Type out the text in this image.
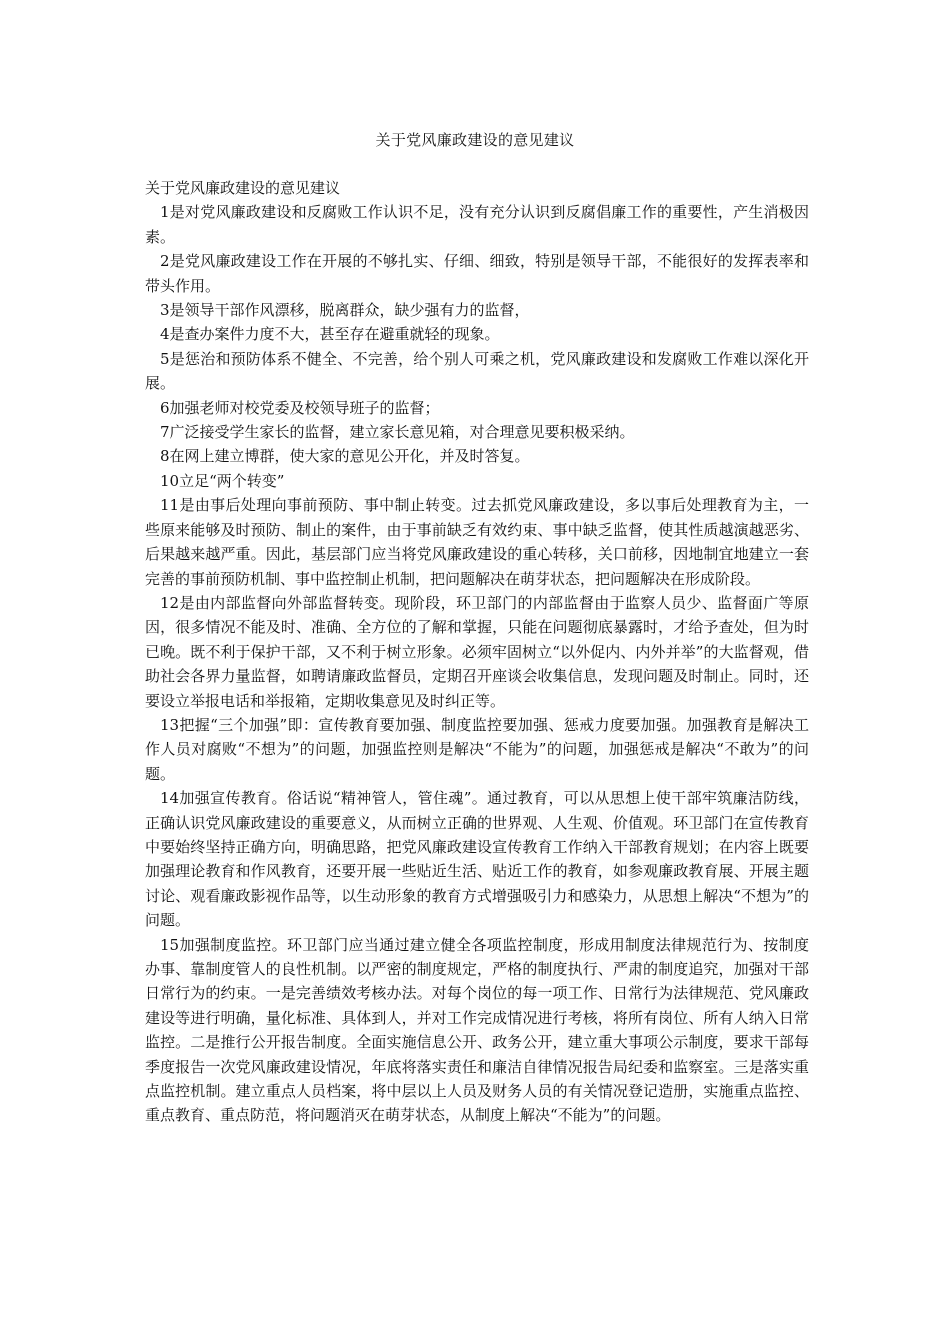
关于党风廉政建设的意见建议

关于党风廉政建设的意见建议

1是对党风廉政建设和反腐败工作认识不足，没有充分认识到反腐倡廉工作的重要性，产生消极因素。

2是党风廉政建设工作在开展的不够扎实、仔细、细致，特别是领导干部，不能很好的发挥表率和带头作用。

3是领导干部作风漂移，脱离群众，缺少强有力的监督，

4是查办案件力度不大，甚至存在避重就轻的现象。

5是惩治和预防体系不健全、不完善，给个别人可乘之机，党风廉政建设和发腐败工作难以深化开展。

6加强老师对校党委及校领导班子的监督；

7广泛接受学生家长的监督，建立家长意见箱，对合理意见要积极采纳。

8在网上建立博群，使大家的意见公开化，并及时答复。

10立足“两个转变”

11是由事后处理向事前预防、事中制止转变。过去抓党风廉政建设，多以事后处理教育为主，一些原来能够及时预防、制止的案件，由于事前缺乏有效约束、事中缺乏监督，使其性质越演越恶劣、后果越来越严重。因此，基层部门应当将党风廉政建设的重心转移，关口前移，因地制宜地建立一套完善的事前预防机制、事中监控制止机制，把问题解决在萌芽状态，把问题解决在形成阶段。

12是由内部监督向外部监督转变。现阶段，环卫部门的内部监督由于监察人员少、监督面广等原因，很多情况不能及时、准确、全方位的了解和掌握，只能在问题彻底暴露时，才给予查处，但为时已晚。既不利于保护干部，又不利于树立形象。必须牢固树立“以外促内、内外并举”的大监督观，借助社会各界力量监督，如聘请廉政监督员，定期召开座谈会收集信息，发现问题及时制止。同时，还要设立举报电话和举报箱，定期收集意见及时纠正等。

13把握“三个加强”即：宣传教育要加强、制度监控要加强、惩戒力度要加强。加强教育是解决工作人员对腐败“不想为”的问题，加强监控则是解决“不能为”的问题，加强惩戒是解决“不敢为”的问题。

14加强宣传教育。俗话说“精神管人，管住魂”。通过教育，可以从思想上使干部牢筑廉洁防线，正确认识党风廉政建设的重要意义，从而树立正确的世界观、人生观、价值观。环卫部门在宣传教育中要始终坚持正确方向，明确思路，把党风廉政建设宣传教育工作纳入干部教育规划；在内容上既要加强理论教育和作风教育，还要开展一些贴近生活、贴近工作的教育，如参观廉政教育展、开展主题讨论、观看廉政影视作品等，以生动形象的教育方式增强吸引力和感染力，从思想上解决“不想为”的问题。

15加强制度监控。环卫部门应当通过建立健全各项监控制度，形成用制度法律规范行为、按制度办事、靠制度管人的良性机制。以严密的制度规定，严格的制度执行、严肃的制度追究，加强对干部日常行为的约束。一是完善绩效考核办法。对每个岗位的每一项工作、日常行为法律规范、党风廉政建设等进行明确，量化标准、具体到人，并对工作完成情况进行考核，将所有岗位、所有人纳入日常监控。二是推行公开报告制度。全面实施信息公开、政务公开，建立重大事项公示制度，要求干部每季度报告一次党风廉政建设情况，年底将落实责任和廉洁自律情况报告局纪委和监察室。三是落实重点监控机制。建立重点人员档案，将中层以上人员及财务人员的有关情况登记造册，实施重点监控、重点教育、重点防范，将问题消灭在萌芽状态，从制度上解决“不能为”的问题。
